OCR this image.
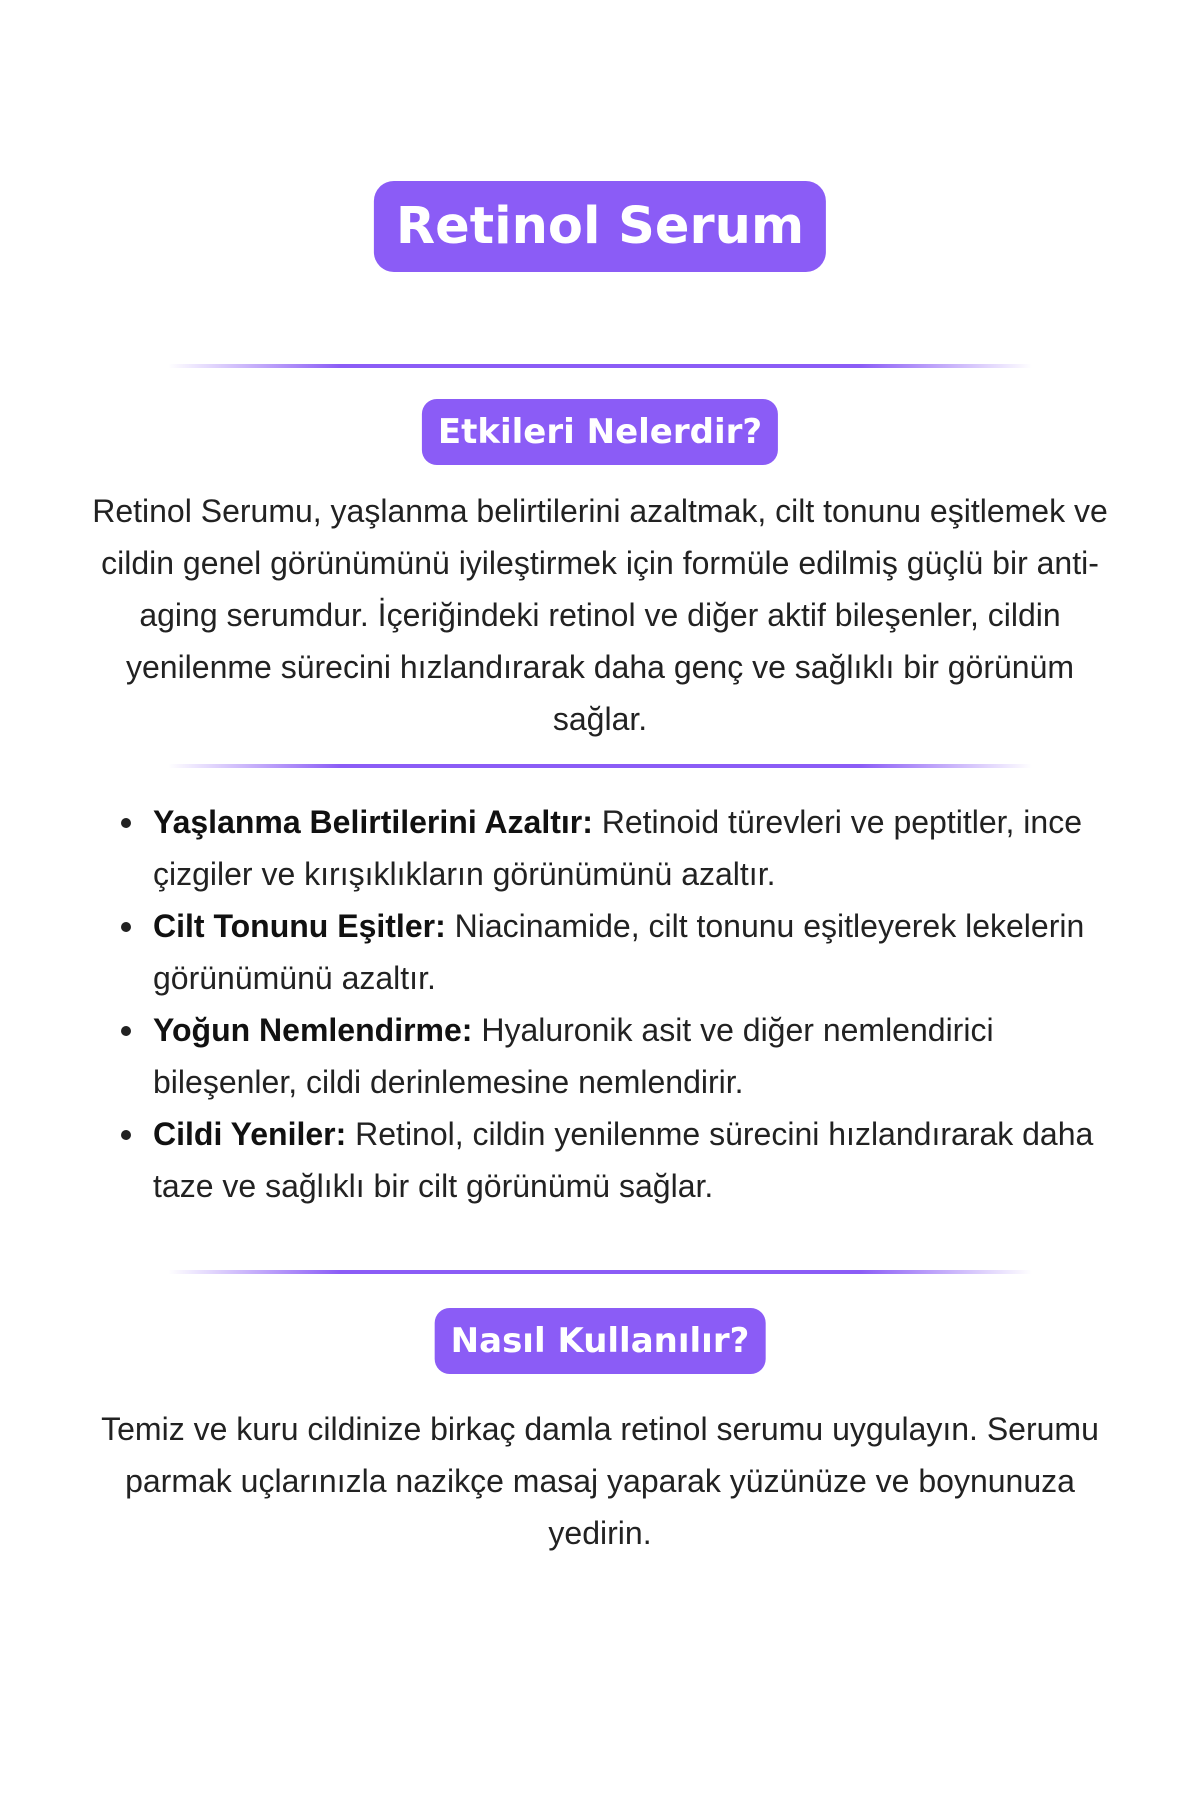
Retinol Serum
Etkileri Nelerdir?

Retinol Serumu, yaşlanma belirtilerini azaltmak, cilt tonunu eşitlemek ve cildin genel görünümünü iyileştirmek için formüle edilmiş güçlü bir anti-aging serumdur. İçeriğindeki retinol ve diğer aktif bileşenler, cildin yenilenme sürecini hızlandırarak daha genç ve sağlıklı bir görünüm sağlar.

Yaşlanma Belirtilerini Azaltır: Retinoid türevleri ve peptitler, ince çizgiler ve kırışıklıkların görünümünü azaltır.
Cilt Tonunu Eşitler: Niacinamide, cilt tonunu eşitleyerek lekelerin görünümünü azaltır.
Yoğun Nemlendirme: Hyaluronik asit ve diğer nemlendirici bileşenler, cildi derinlemesine nemlendirir.
Cildi Yeniler: Retinol, cildin yenilenme sürecini hızlandırarak daha taze ve sağlıklı bir cilt görünümü sağlar.
Nasıl Kullanılır?

Temiz ve kuru cildinize birkaç damla retinol serumu uygulayın. Serumu parmak uçlarınızla nazikçe masaj yaparak yüzünüze ve boynunuza yedirin.
